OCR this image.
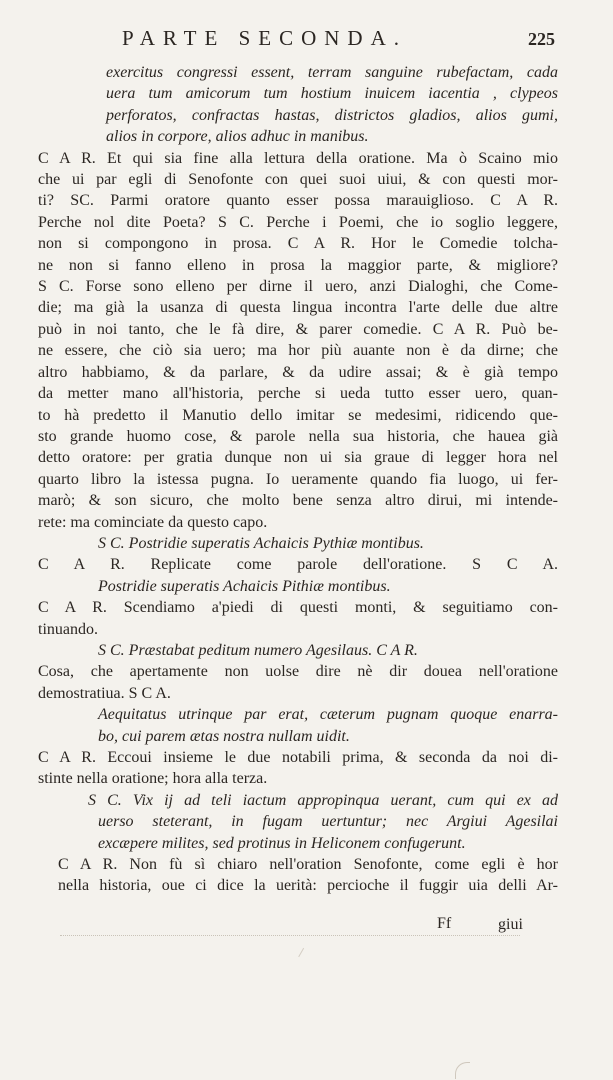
PARTE SECONDA.	225
exercitus congressi essent, terram sanguine rubefactam, cada
uera tum amicorum tum hostium inuicem iacentia , clypeos
perforatos, confractas hastas, districtos gladios, alios gumi,
alios in corpore, alios adhuc in manibus.
C A R. Et qui sia fine alla lettura della oratione. Ma ò Scaino mio
che ui par egli di Senofonte con quei suoi uiui, & con questi mor-
ti? SC. Parmi oratore quanto esser possa marauiglioso. C A R.
Perche nol dite Poeta? S C. Perche i Poemi, che io soglio leggere,
non si compongono in prosa. C A R. Hor le Comedie tolcha-
ne non si fanno elleno in prosa la maggior parte, & migliore?
S C. Forse sono elleno per dirne il uero, anzi Dialoghi, che Come-
die; ma già la usanza di questa lingua incontra l'arte delle due altre
può in noi tanto, che le fà dire, & parer comedie. C A R. Può be-
ne essere, che ciò sia uero; ma hor più auante non è da dirne; che
altro habbiamo, & da parlare, & da udire assai; & è già tempo
da metter mano all'historia, perche si ueda tutto esser uero, quan-
to hà predetto il Manutio dello imitar se medesimi, ridicendo que-
sto grande huomo cose, & parole nella sua historia, che hauea già
detto oratore: per gratia dunque non ui sia graue di legger hora nel
quarto libro la istessa pugna. Io ueramente quando fia luogo, ui fer-
marò; & son sicuro, che molto bene senza altro dirui, mi intende-
rete: ma cominciate da questo capo.
S C. Postridie superatis Achaicis Pythiæ montibus.
C A R. Replicate come parole dell'oratione. S C A.
Postridie superatis Achaicis Pithiæ montibus.
C A R. Scendiamo a'piedi di questi monti, & seguitiamo con-
tinuando.
S C. Præstabat peditum numero Agesilaus. C A R.
Cosa, che apertamente non uolse dire nè dir doueа nell'oratione
demostratiua. S C A.
Aequitatus utrinque par erat, cæterum pugnam quoque enarra-
bo, cui parem ætas nostra nullam uidit.
C A R. Eccoui insieme le due notabili prima, & seconda da noi di-
stinte nella oratione; hora alla terza.
S C. Vix ij ad teli iactum appropinqua uerant, cum qui ex ad
uerso steterant, in fugam uertuntur; nec Argiui Agesilai
excæpere milites, sed protinus in Heliconem confugerunt.
C A R. Non fù sì chiaro nell'oration Senofonte, come egli è hor
nella historia, oue ci dice la uerità: percioche il fuggir uia delli Ar-
Ff	giui
